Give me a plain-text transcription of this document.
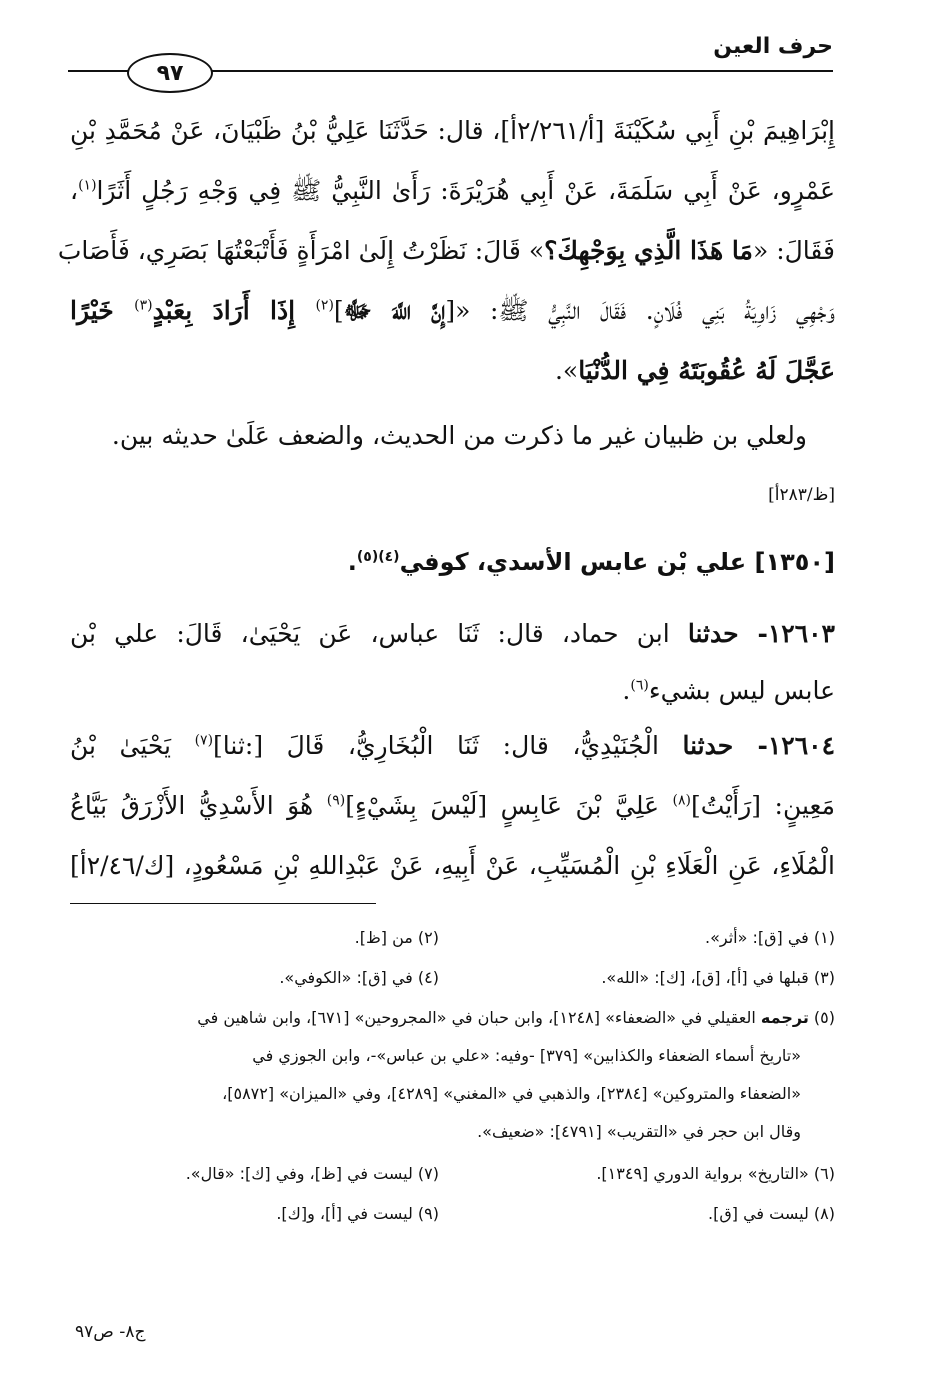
حرف العين
٩٧
إِبْرَاهِيمَ بْنِ أَبِي سُكَيْنَةَ [أ/٢/٢٦١أ]، قال: حَدَّثَنَا عَلِيُّ بْنُ ظَبْيَانَ، عَنْ مُحَمَّدِ بْنِ
عَمْرٍو، عَنْ أَبِي سَلَمَةَ، عَنْ أَبِي هُرَيْرَةَ: رَأَىٰ النَّبِيُّ ﷺ فِي وَجْهِ رَجُلٍ أَثَرًا$^{(١)}$،
فَقَالَ: «مَا هَذَا الَّذِي بِوَجْهِكَ؟» قَالَ: نَظَرْتُ إِلَىٰ امْرَأَةٍ فَأَتْبَعْتُهَا بَصَرِي، فَأَصَابَ
وَجْهِي زَاوِيَةُ بَنِي فُلَانٍ. فَقَالَ النَّبِيُّ ﷺ: «[إِنَّ اللَّهَ ﷻ]$^{(٢)}$ إِذَا أَرَادَ بِعَبْدٍ$^{(٣)}$ خَيْرًا
عَجَّلَ لَهُ عُقُوبَتَهُ فِي الدُّنْيَا».
ولعلي بن ظبيان غير ما ذكرت من الحديث، والضعف عَلَىٰ حديثه بين.
[ظ/٢٨٣أ]
[١٣٥٠] علي بْن عابس الأسدي، كوفي$^{(٤)(٥)}$.
١٢٦٠٣- حدثنا ابن حماد، قال: ثَنَا عباس، عَن يَحْيَىٰ، قَالَ: علي بْن
عابس ليس بشيء$^{(٦)}$.
١٢٦٠٤- حدثنا الْجُنَيْدِيُّ، قال: ثَنَا الْبُخَارِيُّ، قَالَ [:ثنا]$^{(٧)}$ يَحْيَىٰ بْنُ
مَعِينٍ: [رَأَيْتُ]$^{(٨)}$ عَلِيَّ بْنَ عَابِسٍ [لَيْسَ بِشَيْءٍ]$^{(٩)}$ هُوَ الأَسْدِيُّ الأَزْرَقُ بَيَّاعُ
الْمُلَاءِ، عَنِ الْعَلَاءِ بْنِ الْمُسَيِّبِ، عَنْ أَبِيهِ، عَنْ عَبْدِاللهِ بْنِ مَسْعُودٍ، [ك/٢/٤٦أ]
(١) في [ق]: «أثر».
(٢) من [ظ].
(٣) قبلها في [أ]، [ق]، [ك]: «الله».
(٤) في [ق]: «الكوفي».
(٥) ترجمه العقيلي في «الضعفاء» [١٢٤٨]، وابن حبان في «المجروحين» [٦٧١]، وابن شاهين في
«تاريخ أسماء الضعفاء والكذابين» [٣٧٩] -وفيه: «علي بن عباس»-، وابن الجوزي في
«الضعفاء والمتروكين» [٢٣٨٤]، والذهبي في «المغني» [٤٢٨٩]، وفي «الميزان» [٥٨٧٢]،
وقال ابن حجر في «التقريب» [٤٧٩١]: «ضعيف».
(٦) «التاريخ» برواية الدوري [١٣٤٩].
(٧) ليست في [ظ]، وفي [ك]: «قال».
(٨) ليست في [ق].
(٩) ليست في [أ]، و[ك].
ج٨- ص٩٧
